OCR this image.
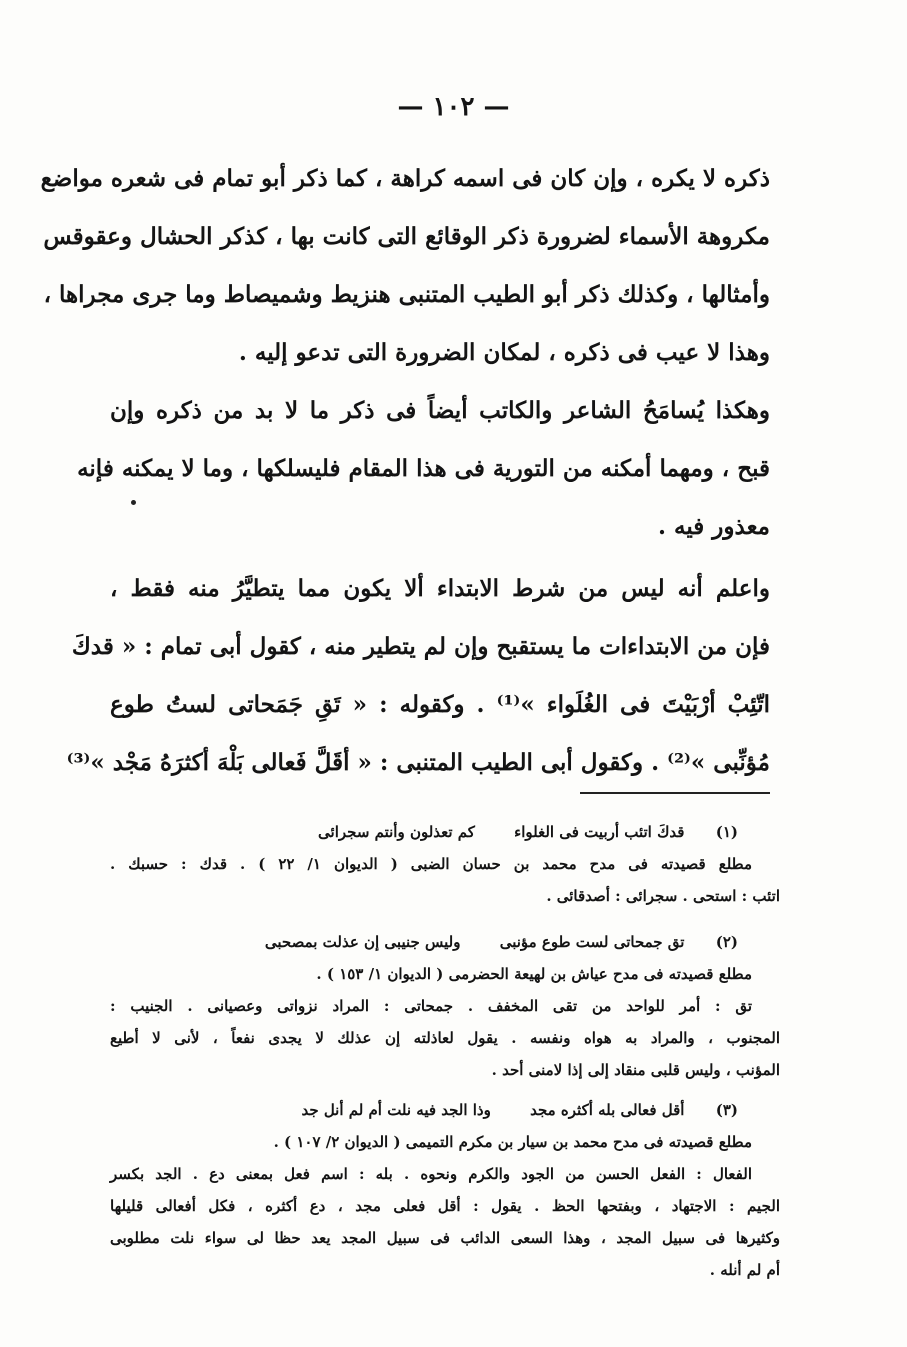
— ١٠٢ —
ذكره لا يكره ، وإن كان فى اسمه كراهة ، كما ذكر أبو تمام فى شعره مواضع
مكروهة الأسماء لضرورة ذكر الوقائع التى كانت بها ، كذكر الحشال وعقوقس
وأمثالها ، وكذلك ذكر أبو الطيب المتنبى هنزيط وشميصاط وما جرى مجراها ،
وهذا لا عيب فى ذكره ، لمكان الضرورة التى تدعو إليه .
وهكذا يُسامَحُ الشاعر والكاتب أيضاً فى ذكر ما لا بد من ذكره وإن
قبح ، ومهما أمكنه من التورية فى هذا المقام فليسلكها ، وما لا يمكنه فإنه
معذور فيه .
واعلم أنه ليس من شرط الابتداء ألا يكون مما يتطيَّرُ منه فقط ،
فإن من الابتداءات ما يستقبح وإن لم يتطير منه ، كقول أبى تمام : « قدكَ
اتّئِبْ أرْبَيْتَ فى الغُلَواء »⁽¹⁾ . وكقوله : « تَقِ جَمَحاتى لستُ طوع
مُؤنِّبى »⁽²⁾ . وكقول أبى الطيب المتنبى : « أقَلَّ فَعالى بَلْهَ أكثرَهُ مَجْد »⁽³⁾
(١) قدكَ اتئب أربيت فى الغلواء كم تعذلون وأنتم سجرائى
مطلع قصيدته فى مدح محمد بن حسان الضبى ( الديوان ١/ ٢٢ ) . قدك : حسبك .
اتئب : استحى . سجرائى : أصدقائى .
(٢) تق جمحاتى لست طوع مؤنبى وليس جنيبى إن عذلت بمصحبى
مطلع قصيدته فى مدح عياش بن لهيعة الحضرمى ( الديوان ١/ ١٥٣ ) .
تق : أمر للواحد من تقى المخفف . جمحاتى : المراد نزواتى وعصيانى . الجنيب :
المجنوب ، والمراد به هواه ونفسه . يقول لعاذلته إن عذلك لا يجدى نفعاً ، لأنى لا أطيع
المؤنب ، وليس قلبى منقاد إلى إذا لامنى أحد .
(٣) أقل فعالى بله أكثره مجد وذا الجد فيه نلت أم لم أنل جد
مطلع قصيدته فى مدح محمد بن سيار بن مكرم التميمى ( الديوان ٢/ ١٠٧ ) .
الفعال : الفعل الحسن من الجود والكرم ونحوه . بله : اسم فعل بمعنى دع . الجد بكسر
الجيم : الاجتهاد ، وبفتحها الحظ . يقول : أقل فعلى مجد ، دع أكثره ، فكل أفعالى قليلها
وكثيرها فى سبيل المجد ، وهذا السعى الدائب فى سبيل المجد يعد حظا لى سواء نلت مطلوبى
أم لم أنله .
